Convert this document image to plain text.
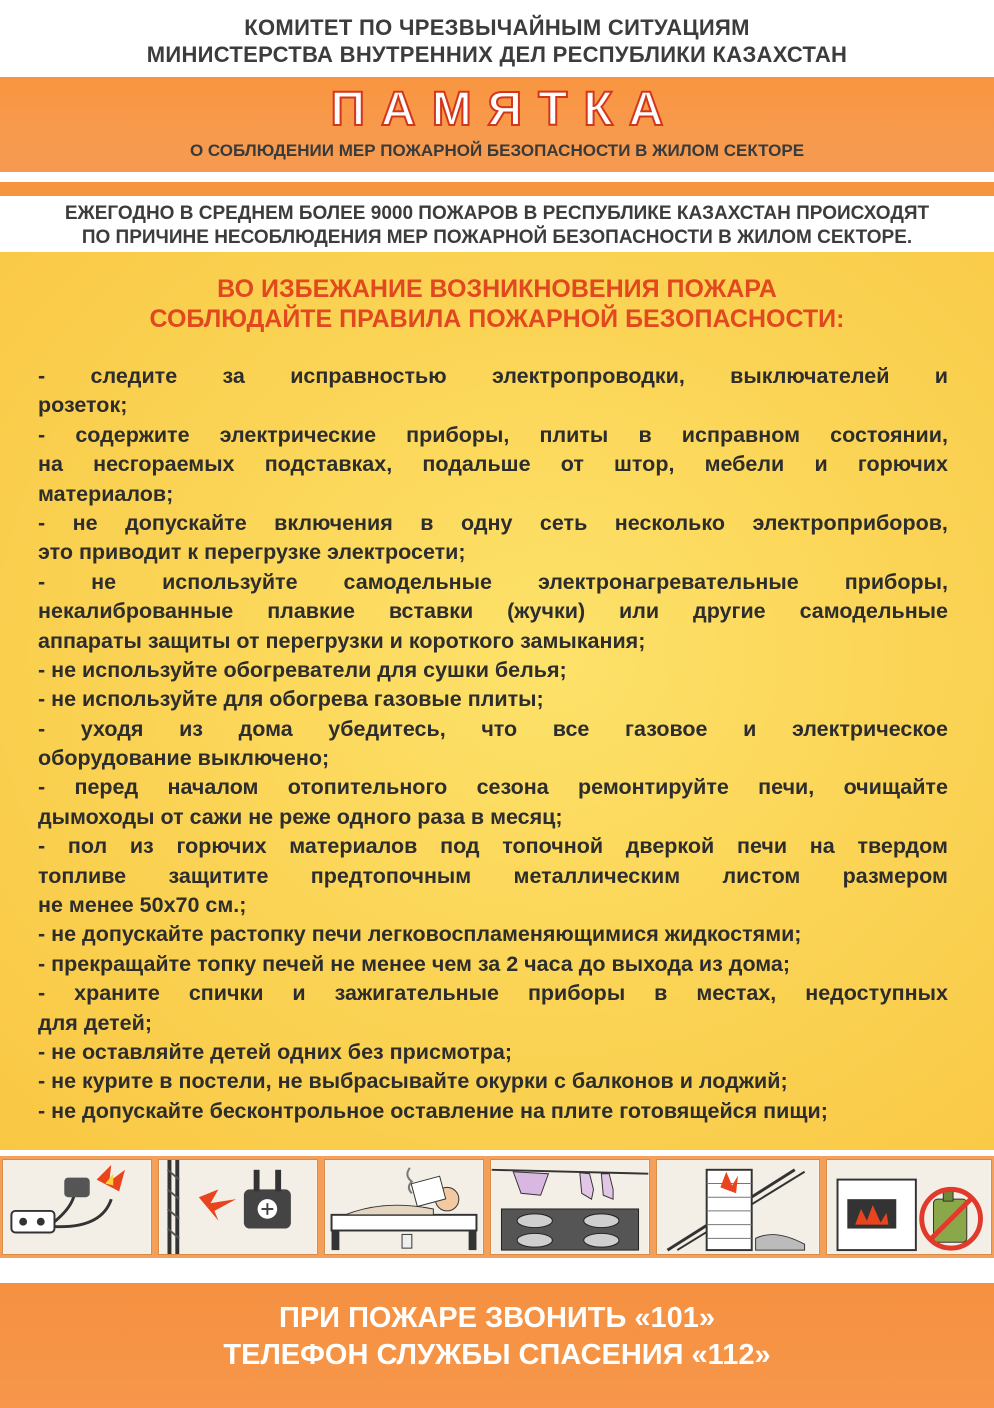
КОМИТЕТ ПО ЧРЕЗВЫЧАЙНЫМ СИТУАЦИЯМ
МИНИСТЕРСТВА ВНУТРЕННИХ ДЕЛ РЕСПУБЛИКИ КАЗАХСТАН
ПАМЯТКА
О СОБЛЮДЕНИИ МЕР ПОЖАРНОЙ БЕЗОПАСНОСТИ В ЖИЛОМ СЕКТОРЕ
ЕЖЕГОДНО В СРЕДНЕМ БОЛЕЕ 9000 ПОЖАРОВ В РЕСПУБЛИКЕ КАЗАХСТАН ПРОИСХОДЯТ
ПО ПРИЧИНЕ НЕСОБЛЮДЕНИЯ МЕР ПОЖАРНОЙ БЕЗОПАСНОСТИ В ЖИЛОМ СЕКТОРЕ.
ВО ИЗБЕЖАНИЕ ВОЗНИКНОВЕНИЯ ПОЖАРА
СОБЛЮДАЙТЕ ПРАВИЛА ПОЖАРНОЙ БЕЗОПАСНОСТИ:
- следите за исправностью электропроводки, выключателей и
розеток;
- содержите электрические приборы, плиты в исправном состоянии,
на несгораемых подставках, подальше от штор, мебели и горючих
материалов;
- не допускайте включения в одну сеть несколько электроприборов,
это приводит к перегрузке электросети;
- не используйте самодельные электронагревательные приборы,
некалиброванные плавкие вставки (жучки) или другие самодельные
аппараты защиты от перегрузки и короткого замыкания;
- не используйте обогреватели для сушки белья;
- не используйте для обогрева газовые плиты;
- уходя из дома убедитесь, что все газовое и электрическое
оборудование выключено;
- перед началом отопительного сезона ремонтируйте печи, очищайте
дымоходы от сажи не реже одного раза в месяц;
- пол из горючих материалов под топочной дверкой печи на твердом
топливе защитите предтопочным металлическим листом размером
не менее 50x70 см.;
- не допускайте растопку печи легковоспламеняющимися жидкостями;
- прекращайте топку печей не менее чем за 2 часа до выхода из дома;
- храните спички и зажигательные приборы в местах, недоступных
для детей;
- не оставляйте детей одних без присмотра;
- не курите в постели, не выбрасывайте окурки с балконов и лоджий;
- не допускайте бесконтрольное оставление на плите готовящейся пищи;
ПРИ ПОЖАРЕ ЗВОНИТЬ «101»
ТЕЛЕФОН СЛУЖБЫ СПАСЕНИЯ «112»
